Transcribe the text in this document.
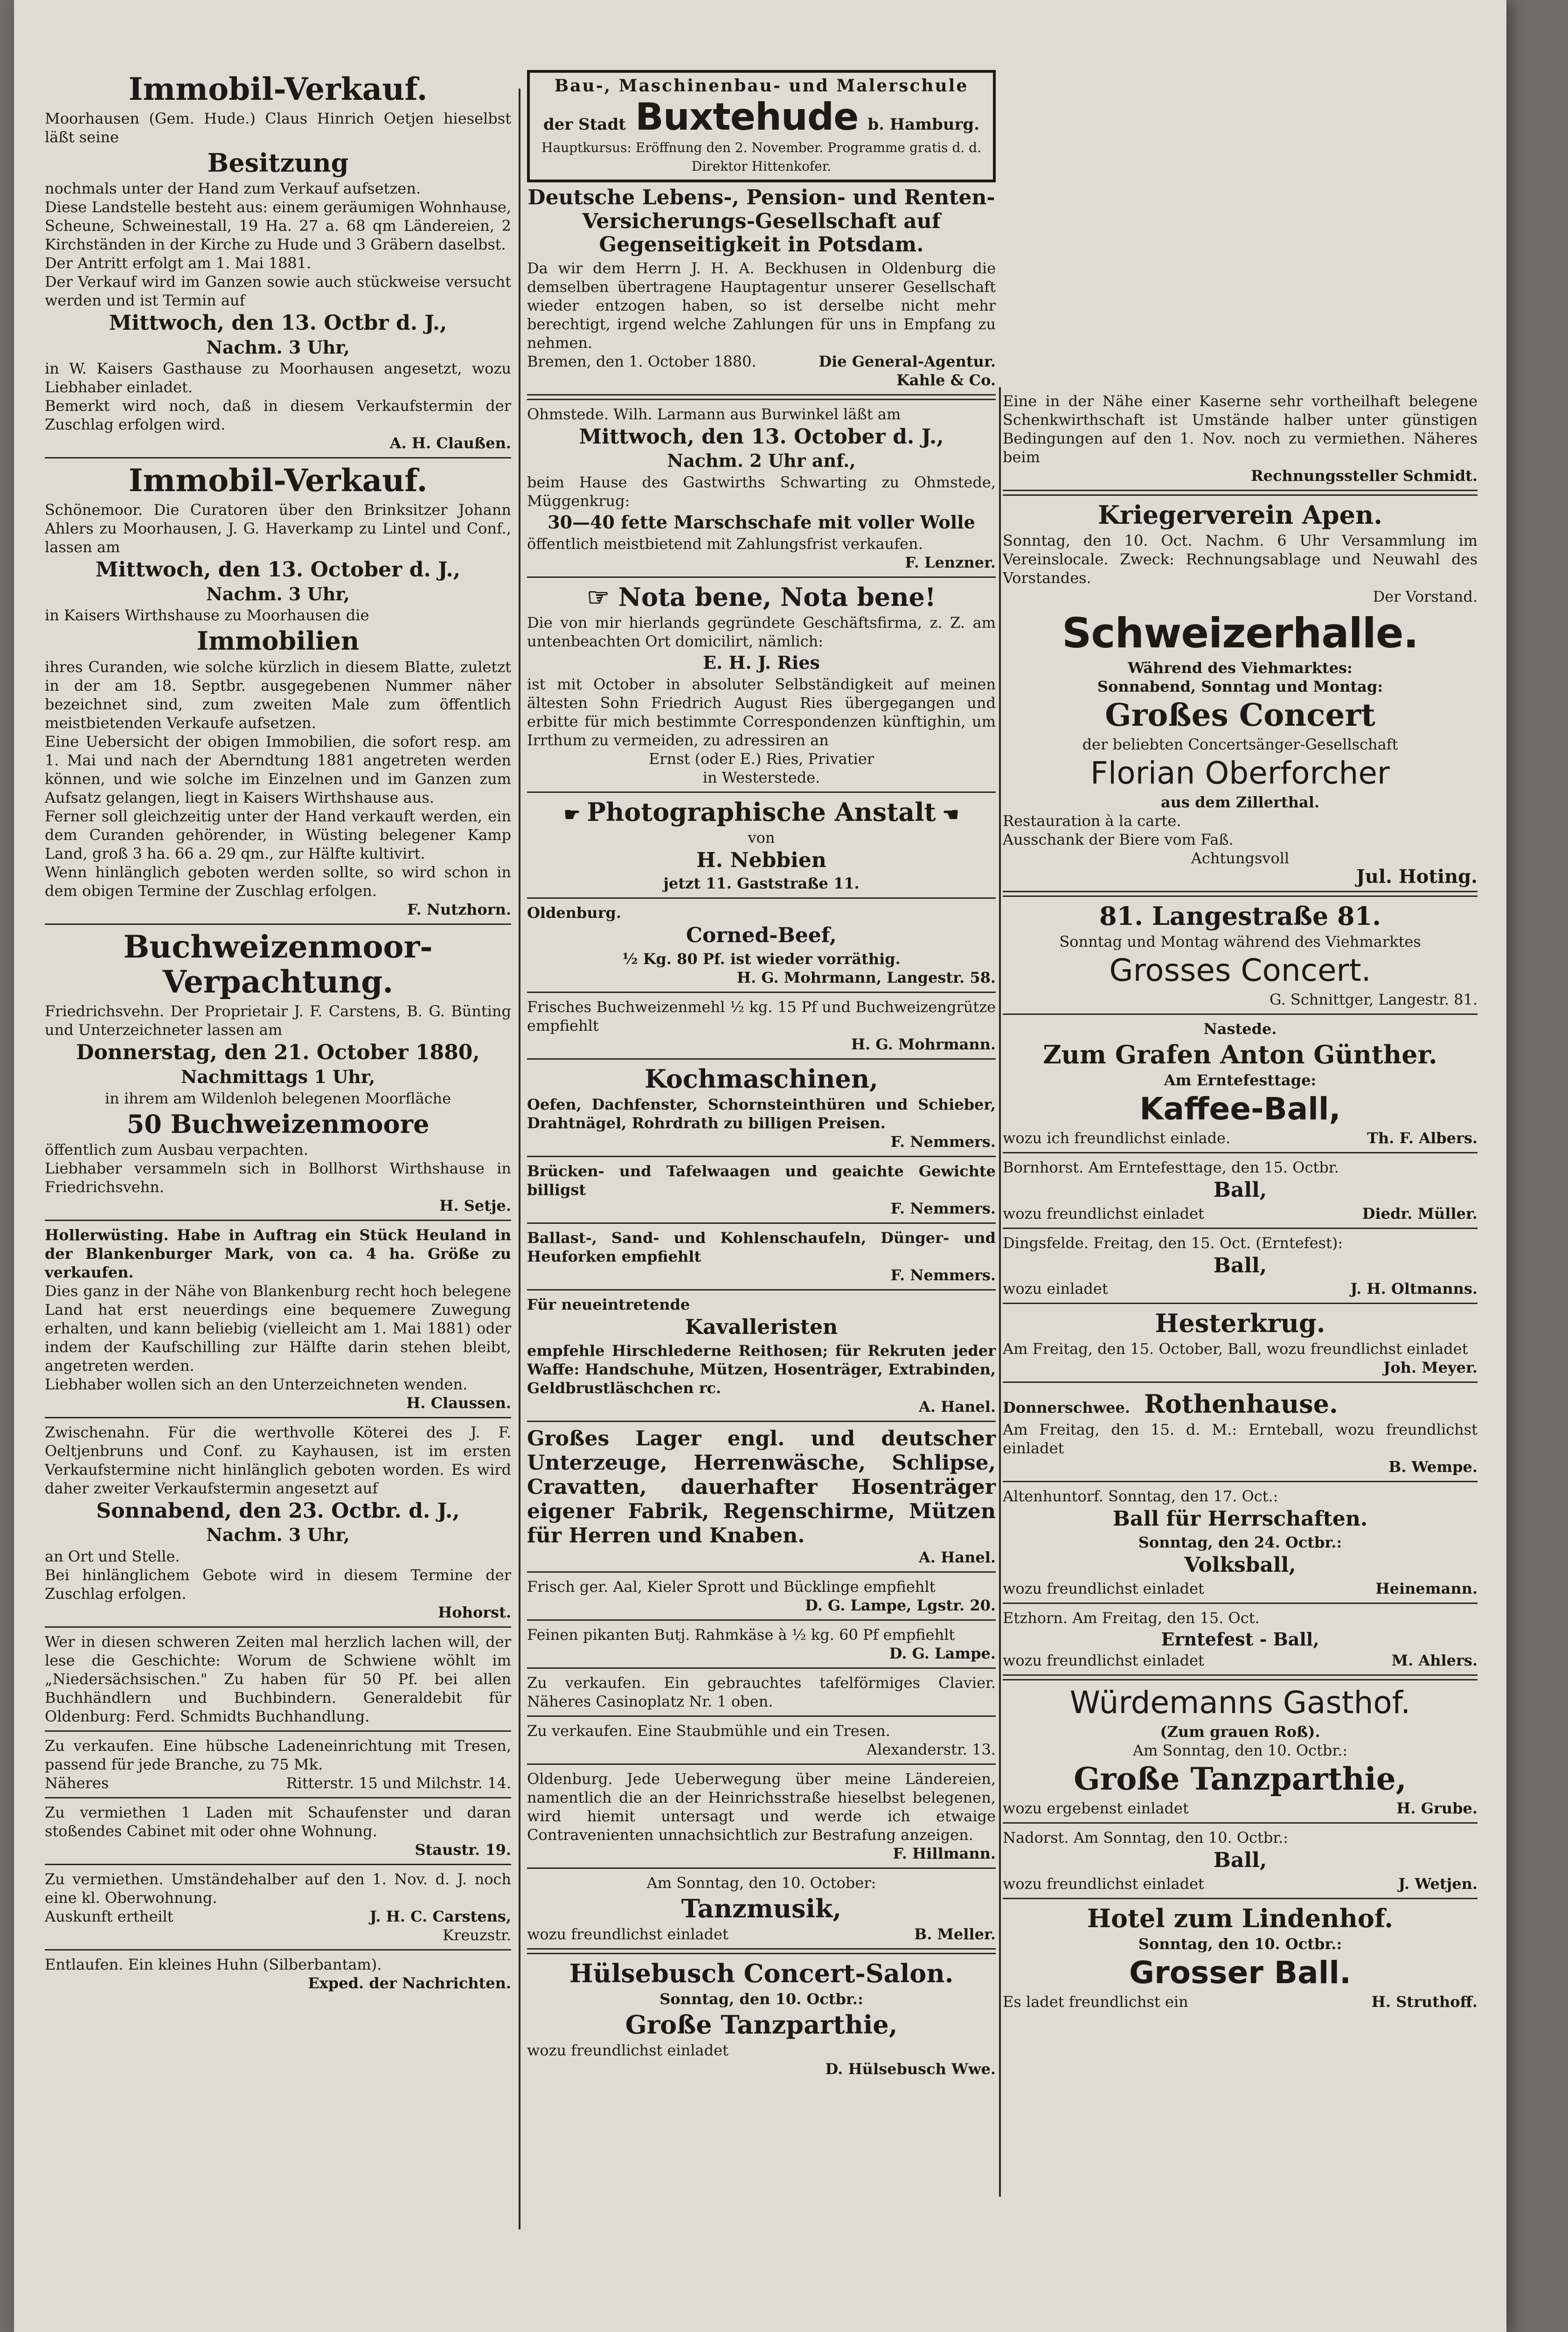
Immobil-Verkauf.

Moorhausen (Gem. Hude.) Claus Hinrich Oetjen hieselbst läßt seine

Besitzung

nochmals unter der Hand zum Verkauf aufsetzen.

Diese Landstelle besteht aus: einem geräumigen Wohnhause, Scheune, Schweinestall, 19 Ha. 27 a. 68 qm Ländereien, 2 Kirchständen in der Kirche zu Hude und 3 Gräbern daselbst.

Der Antritt erfolgt am 1. Mai 1881.

Der Verkauf wird im Ganzen sowie auch stückweise versucht werden und ist Termin auf

Mittwoch, den 13. Octbr d. J.,
Nachm. 3 Uhr,

in W. Kaisers Gasthause zu Moorhausen angesetzt, wozu Liebhaber einladet.

Bemerkt wird noch, daß in diesem Verkaufstermin der Zuschlag erfolgen wird.

A. H. Claußen.
Immobil-Verkauf.

Schönemoor. Die Curatoren über den Brinksitzer Johann Ahlers zu Moorhausen, J. G. Haverkamp zu Lintel und Conf., lassen am

Mittwoch, den 13. October d. J.,
Nachm. 3 Uhr,

in Kaisers Wirthshause zu Moorhausen die

Immobilien

ihres Curanden, wie solche kürzlich in diesem Blatte, zuletzt in der am 18. Septbr. ausgegebenen Nummer näher bezeichnet sind, zum zweiten Male zum öffentlich meistbietenden Verkaufe aufsetzen.

Eine Uebersicht der obigen Immobilien, die sofort resp. am 1. Mai und nach der Aberndtung 1881 angetreten werden können, und wie solche im Einzelnen und im Ganzen zum Aufsatz gelangen, liegt in Kaisers Wirthshause aus.

Ferner soll gleichzeitig unter der Hand verkauft werden, ein dem Curanden gehörender, in Wüsting belegener Kamp Land, groß 3 ha. 66 a. 29 qm., zur Hälfte kultivirt.

Wenn hinlänglich geboten werden sollte, so wird schon in dem obigen Termine der Zuschlag erfolgen.

F. Nutzhorn.
Buchweizenmoor-Verpachtung.

Friedrichsvehn. Der Proprietair J. F. Carstens, B. G. Bünting und Unterzeichneter lassen am

Donnerstag, den 21. October 1880,
Nachmittags 1 Uhr,

in ihrem am Wildenloh belegenen Moorfläche

50 Buchweizenmoore

öffentlich zum Ausbau verpachten.

Liebhaber versammeln sich in Bollhorst Wirthshause in Friedrichsvehn.

H. Setje.

Hollerwüsting. Habe in Auftrag ein Stück Heuland in der Blankenburger Mark, von ca. 4 ha. Größe zu verkaufen.

Dies ganz in der Nähe von Blankenburg recht hoch belegene Land hat erst neuerdings eine bequemere Zuwegung erhalten, und kann beliebig (vielleicht am 1. Mai 1881) oder indem der Kaufschilling zur Hälfte darin stehen bleibt, angetreten werden.

Liebhaber wollen sich an den Unterzeichneten wenden.

H. Claussen.

Zwischenahn. Für die werthvolle Köterei des J. F. Oeltjenbruns und Conf. zu Kayhausen, ist im ersten Verkaufstermine nicht hinlänglich geboten worden. Es wird daher zweiter Verkaufstermin angesetzt auf

Sonnabend, den 23. Octbr. d. J.,
Nachm. 3 Uhr,

an Ort und Stelle.

Bei hinlänglichem Gebote wird in diesem Termine der Zuschlag erfolgen.

Hohorst.

Wer in diesen schweren Zeiten mal herzlich lachen will, der lese die Geschichte: Worum de Schwiene wöhlt im „Niedersächsischen." Zu haben für 50 Pf. bei allen Buchhändlern und Buchbindern. Generaldebit für Oldenburg: Ferd. Schmidts Buchhandlung.

Zu verkaufen. Eine hübsche Ladeneinrichtung mit Tresen, passend für jede Branche, zu 75 Mk.

Näheres	Ritterstr. 15 und Milchstr. 14.

Zu vermiethen 1 Laden mit Schaufenster und daran stoßendes Cabinet mit oder ohne Wohnung.

Staustr. 19.

Zu vermiethen. Umständehalber auf den 1. Nov. d. J. noch eine kl. Oberwohnung.

Auskunft ertheilt	J. H. C. Carstens,

Kreuzstr.

Entlaufen. Ein kleines Huhn (Silberbantam).

Exped. der Nachrichten.

Bau-, Maschinenbau- und Malerschule

der Stadt Buxtehude b. Hamburg.

Hauptkursus: Eröffnung den 2. November. Programme gratis d. d. Direktor Hittenkofer.

Deutsche Lebens-, Pension- und Renten-Versicherungs-Gesellschaft auf Gegenseitigkeit in Potsdam.

Da wir dem Herrn J. H. A. Beckhusen in Oldenburg die demselben übertragene Hauptagentur unserer Gesellschaft wieder entzogen haben, so ist derselbe nicht mehr berechtigt, irgend welche Zahlungen für uns in Empfang zu nehmen.

Bremen, den 1. October 1880.	Die General-Agentur.

Kahle & Co.

Ohmstede. Wilh. Larmann aus Burwinkel läßt am

Mittwoch, den 13. October d. J.,
Nachm. 2 Uhr anf.,

beim Hause des Gastwirths Schwarting zu Ohmstede, Müggenkrug:

30—40 fette Marschschafe mit voller Wolle

öffentlich meistbietend mit Zahlungsfrist verkaufen.

F. Lenzner.
☞ Nota bene, Nota bene!

Die von mir hierlands gegründete Geschäftsfirma, z. Z. am untenbeachten Ort domicilirt, nämlich:

E. H. J. Ries

ist mit October in absoluter Selbständigkeit auf meinen ältesten Sohn Friedrich August Ries übergegangen und erbitte für mich bestimmte Correspondenzen künftighin, um Irrthum zu vermeiden, zu adressiren an

Ernst (oder E.) Ries, Privatier

in Westerstede.

☛ Photographische Anstalt ☚

von

H. Nebbien

jetzt 11. Gaststraße 11.

Oldenburg.

Corned-Beef,

½ Kg. 80 Pf. ist wieder vorräthig.

H. G. Mohrmann, Langestr. 58.

Frisches Buchweizenmehl ½ kg. 15 Pf und Buchweizengrütze empfiehlt

H. G. Mohrmann.
Kochmaschinen,

Oefen, Dachfenster, Schornsteinthüren und Schieber, Drahtnägel, Rohrdrath zu billigen Preisen.

F. Nemmers.

Brücken- und Tafelwaagen und geaichte Gewichte billigst

F. Nemmers.

Ballast-, Sand- und Kohlenschaufeln, Dünger- und Heuforken empfiehlt

F. Nemmers.

Für neueintretende

Kavalleristen

empfehle Hirschlederne Reithosen; für Rekruten jeder Waffe: Handschuhe, Mützen, Hosenträger, Extrabinden, Geldbrustläschchen rc.

A. Hanel.

Großes Lager engl. und deutscher Unterzeuge, Herrenwäsche, Schlipse, Cravatten, dauerhafter Hosenträger eigener Fabrik, Regenschirme, Mützen für Herren und Knaben.

A. Hanel.

Frisch ger. Aal, Kieler Sprott und Bücklinge empfiehlt

D. G. Lampe, Lgstr. 20.

Feinen pikanten Butj. Rahmkäse à ½ kg. 60 Pf empfiehlt

D. G. Lampe.

Zu verkaufen. Ein gebrauchtes tafelförmiges Clavier. Näheres Casinoplatz Nr. 1 oben.

Zu verkaufen. Eine Staubmühle und ein Tresen.

Alexanderstr. 13.

Oldenburg. Jede Ueberwegung über meine Ländereien, namentlich die an der Heinrichsstraße hieselbst belegenen, wird hiemit untersagt und werde ich etwaige Contravenienten unnachsichtlich zur Bestrafung anzeigen.

F. Hillmann.

Am Sonntag, den 10. October:

Tanzmusik,

wozu freundlichst einladet	B. Meller.

Hülsebusch Concert-Salon.

Sonntag, den 10. Octbr.:

Große Tanzparthie,

wozu freundlichst einladet

D. Hülsebusch Wwe.

Eine in der Nähe einer Kaserne sehr vortheilhaft belegene Schenkwirthschaft ist Umstände halber unter günstigen Bedingungen auf den 1. Nov. noch zu vermiethen. Näheres beim

Rechnungssteller Schmidt.
Kriegerverein Apen.

Sonntag, den 10. Oct. Nachm. 6 Uhr Versammlung im Vereinslocale. Zweck: Rechnungsablage und Neuwahl des Vorstandes.

Der Vorstand.
Schweizerhalle.

Während des Viehmarktes:

Sonnabend, Sonntag und Montag:

Großes Concert

der beliebten Concertsänger-Gesellschaft

Florian Oberforcher

aus dem Zillerthal.

Restauration à la carte.

Ausschank der Biere vom Faß.

Achtungsvoll

Jul. Hoting.
81. Langestraße 81.

Sonntag und Montag während des Viehmarktes

Grosses Concert.
G. Schnittger, Langestr. 81.

Nastede.

Zum Grafen Anton Günther.

Am Erntefesttage:

Kaffee-Ball,

wozu ich freundlichst einlade.	Th. F. Albers.

Bornhorst. Am Erntefesttage, den 15. Octbr.

Ball,

wozu freundlichst einladet	Diedr. Müller.

Dingsfelde. Freitag, den 15. Oct. (Erntefest):

Ball,

wozu einladet	J. H. Oltmanns.

Hesterkrug.

Am Freitag, den 15. October, Ball, wozu freundlichst einladet

Joh. Meyer.

Donnerschwee. Rothenhause.

Am Freitag, den 15. d. M.: Ernteball, wozu freundlichst einladet

B. Wempe.

Altenhuntorf. Sonntag, den 17. Oct.:

Ball für Herrschaften.

Sonntag, den 24. Octbr.:

Volksball,

wozu freundlichst einladet	Heinemann.

Etzhorn. Am Freitag, den 15. Oct.

Erntefest - Ball,

wozu freundlichst einladet	M. Ahlers.

Würdemanns Gasthof.

(Zum grauen Roß).

Am Sonntag, den 10. Octbr.:

Große Tanzparthie,

wozu ergebenst einladet	H. Grube.

Nadorst. Am Sonntag, den 10. Octbr.:

Ball,

wozu freundlichst einladet	J. Wetjen.

Hotel zum Lindenhof.

Sonntag, den 10. Octbr.:

Grosser Ball.

Es ladet freundlichst ein	H. Struthoff.
